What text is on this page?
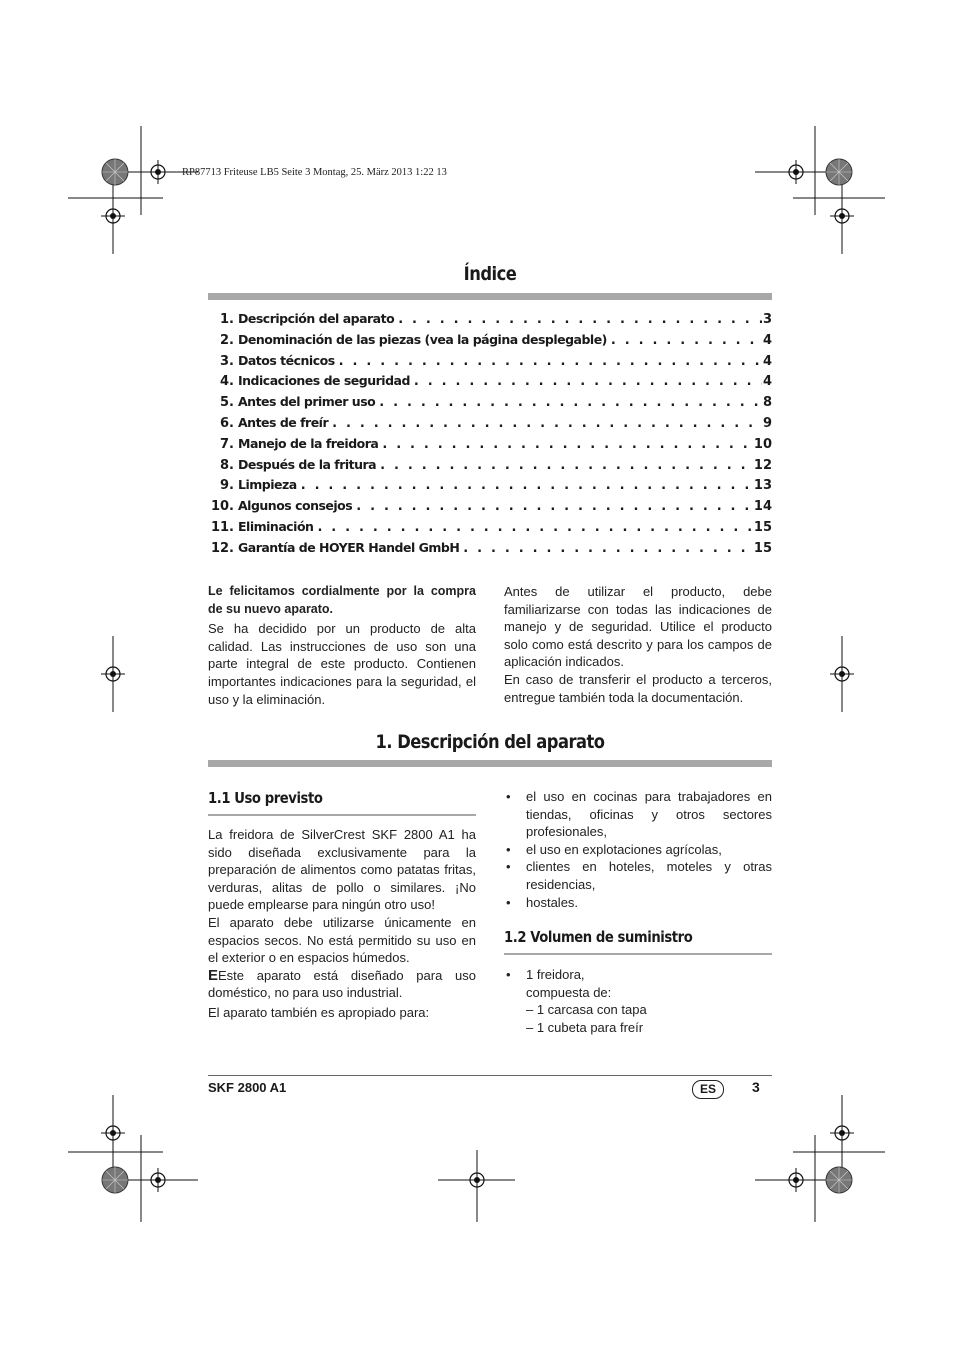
RP87713 Friteuse LB5 Seite 3 Montag, 25. März 2013 1:22 13
Índice
1. Descripción del aparato . . .	3
2. Denominación de las piezas (vea la página desplegable) . . .	4
3. Datos técnicos . . .	4
4. Indicaciones de seguridad . . .	4
5. Antes del primer uso . . .	8
6. Antes de freír . . .	9
7. Manejo de la freidora . . .	10
8. Después de la fritura . . .	12
9. Limpieza . . .	13
10. Algunos consejos . . .	14
11. Eliminación . . .	15
12. Garantía de HOYER Handel GmbH . . .	15
Le felicitamos cordialmente por la compra de su nuevo aparato.
Se ha decidido por un producto de alta calidad. Las instrucciones de uso son una parte integral de este producto. Contienen importantes indicaciones para la seguridad, el uso y la eliminación.
Antes de utilizar el producto, debe familiarizarse con todas las indicaciones de manejo y de seguridad. Utilice el producto solo como está descrito y para los campos de aplicación indicados.
En caso de transferir el producto a terceros, entregue también toda la documentación.
1. Descripción del aparato
1.1 Uso previsto
La freidora de SilverCrest SKF 2800 A1 ha sido diseñada exclusivamente para la preparación de alimentos como patatas fritas, verduras, alitas de pollo o similares. ¡No puede emplearse para ningún otro uso!
El aparato debe utilizarse únicamente en espacios secos. No está permitido su uso en el exterior o en espacios húmedos.
EEste aparato está diseñado para uso doméstico, no para uso industrial.
El aparato también es apropiado para:
• el uso en cocinas para trabajadores en tiendas, oficinas y otros sectores profesionales,
• el uso en explotaciones agrícolas,
• clientes en hoteles, moteles y otras residencias,
• hostales.
1.2 Volumen de suministro
• 1 freidora,
compuesta de:
– 1 carcasa con tapa
– 1 cubeta para freír
SKF 2800 A1	ES	3
